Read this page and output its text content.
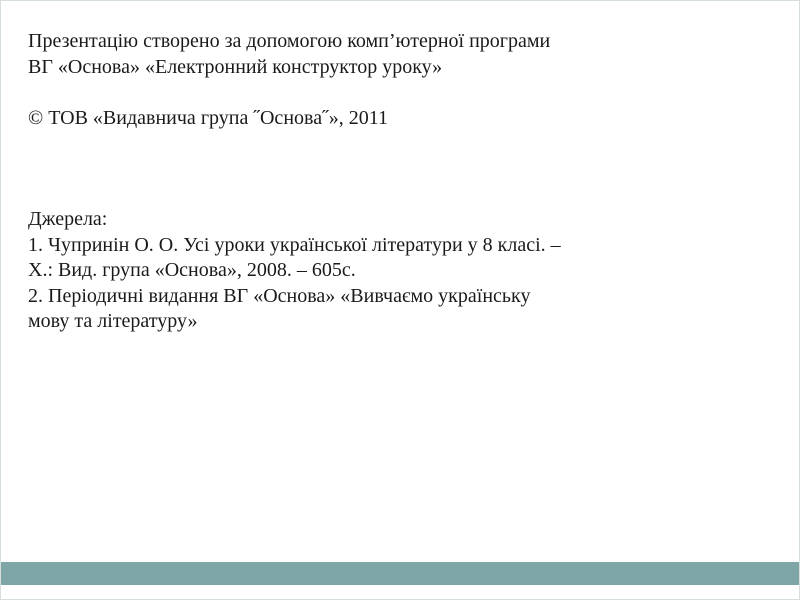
Презентацію створено за допомогою комп’ютерної програми
ВГ «Основа» «Електронний конструктор уроку»
© ТОВ «Видавнича група ˝Основа˝», 2011
Джерела:
1. Чупринін О. О. Усі уроки української літератури у 8 класі. –
Х.: Вид. група «Основа», 2008. – 605с.
2. Періодичні видання ВГ «Основа» «Вивчаємо українську
мову та літературу»
